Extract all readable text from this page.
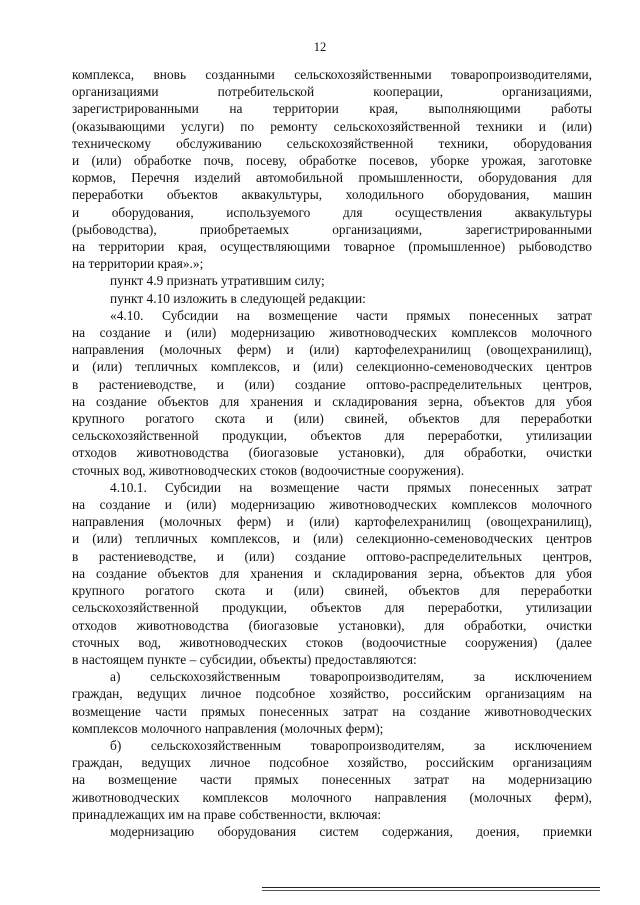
12
комплекса, вновь созданными сельскохозяйственными товаропроизводителями,
организациями потребительской кооперации, организациями,
зарегистрированными на территории края, выполняющими работы
(оказывающими услуги) по ремонту сельскохозяйственной техники и (или)
техническому обслуживанию сельскохозяйственной техники, оборудования
и (или) обработке почв, посеву, обработке посевов, уборке урожая, заготовке
кормов, Перечня изделий автомобильной промышленности, оборудования для
переработки объектов аквакультуры, холодильного оборудования, машин
и оборудования, используемого для осуществления аквакультуры
(рыбоводства), приобретаемых организациями, зарегистрированными
на территории края, осуществляющими товарное (промышленное) рыбоводство
на территории края».»;
пункт 4.9 признать утратившим силу;
пункт 4.10 изложить в следующей редакции:
«4.10. Субсидии на возмещение части прямых понесенных затрат
на создание и (или) модернизацию животноводческих комплексов молочного
направления (молочных ферм) и (или) картофелехранилищ (овощехранилищ),
и (или) тепличных комплексов, и (или) селекционно-семеноводческих центров
в растениеводстве, и (или) создание оптово-распределительных центров,
на создание объектов для хранения и складирования зерна, объектов для убоя
крупного рогатого скота и (или) свиней, объектов для переработки
сельскохозяйственной продукции, объектов для переработки, утилизации
отходов животноводства (биогазовые установки), для обработки, очистки
сточных вод, животноводческих стоков (водоочистные сооружения).
4.10.1. Субсидии на возмещение части прямых понесенных затрат
на создание и (или) модернизацию животноводческих комплексов молочного
направления (молочных ферм) и (или) картофелехранилищ (овощехранилищ),
и (или) тепличных комплексов, и (или) селекционно-семеноводческих центров
в растениеводстве, и (или) создание оптово-распределительных центров,
на создание объектов для хранения и складирования зерна, объектов для убоя
крупного рогатого скота и (или) свиней, объектов для переработки
сельскохозяйственной продукции, объектов для переработки, утилизации
отходов животноводства (биогазовые установки), для обработки, очистки
сточных вод, животноводческих стоков (водоочистные сооружения) (далее
в настоящем пункте – субсидии, объекты) предоставляются:
а) сельскохозяйственным товаропроизводителям, за исключением
граждан, ведущих личное подсобное хозяйство, российским организациям на
возмещение части прямых понесенных затрат на создание животноводческих
комплексов молочного направления (молочных ферм);
б) сельскохозяйственным товаропроизводителям, за исключением
граждан, ведущих личное подсобное хозяйство, российским организациям
на возмещение части прямых понесенных затрат на модернизацию
животноводческих комплексов молочного направления (молочных ферм),
принадлежащих им на праве собственности, включая:
модернизацию оборудования систем содержания, доения, приемки
